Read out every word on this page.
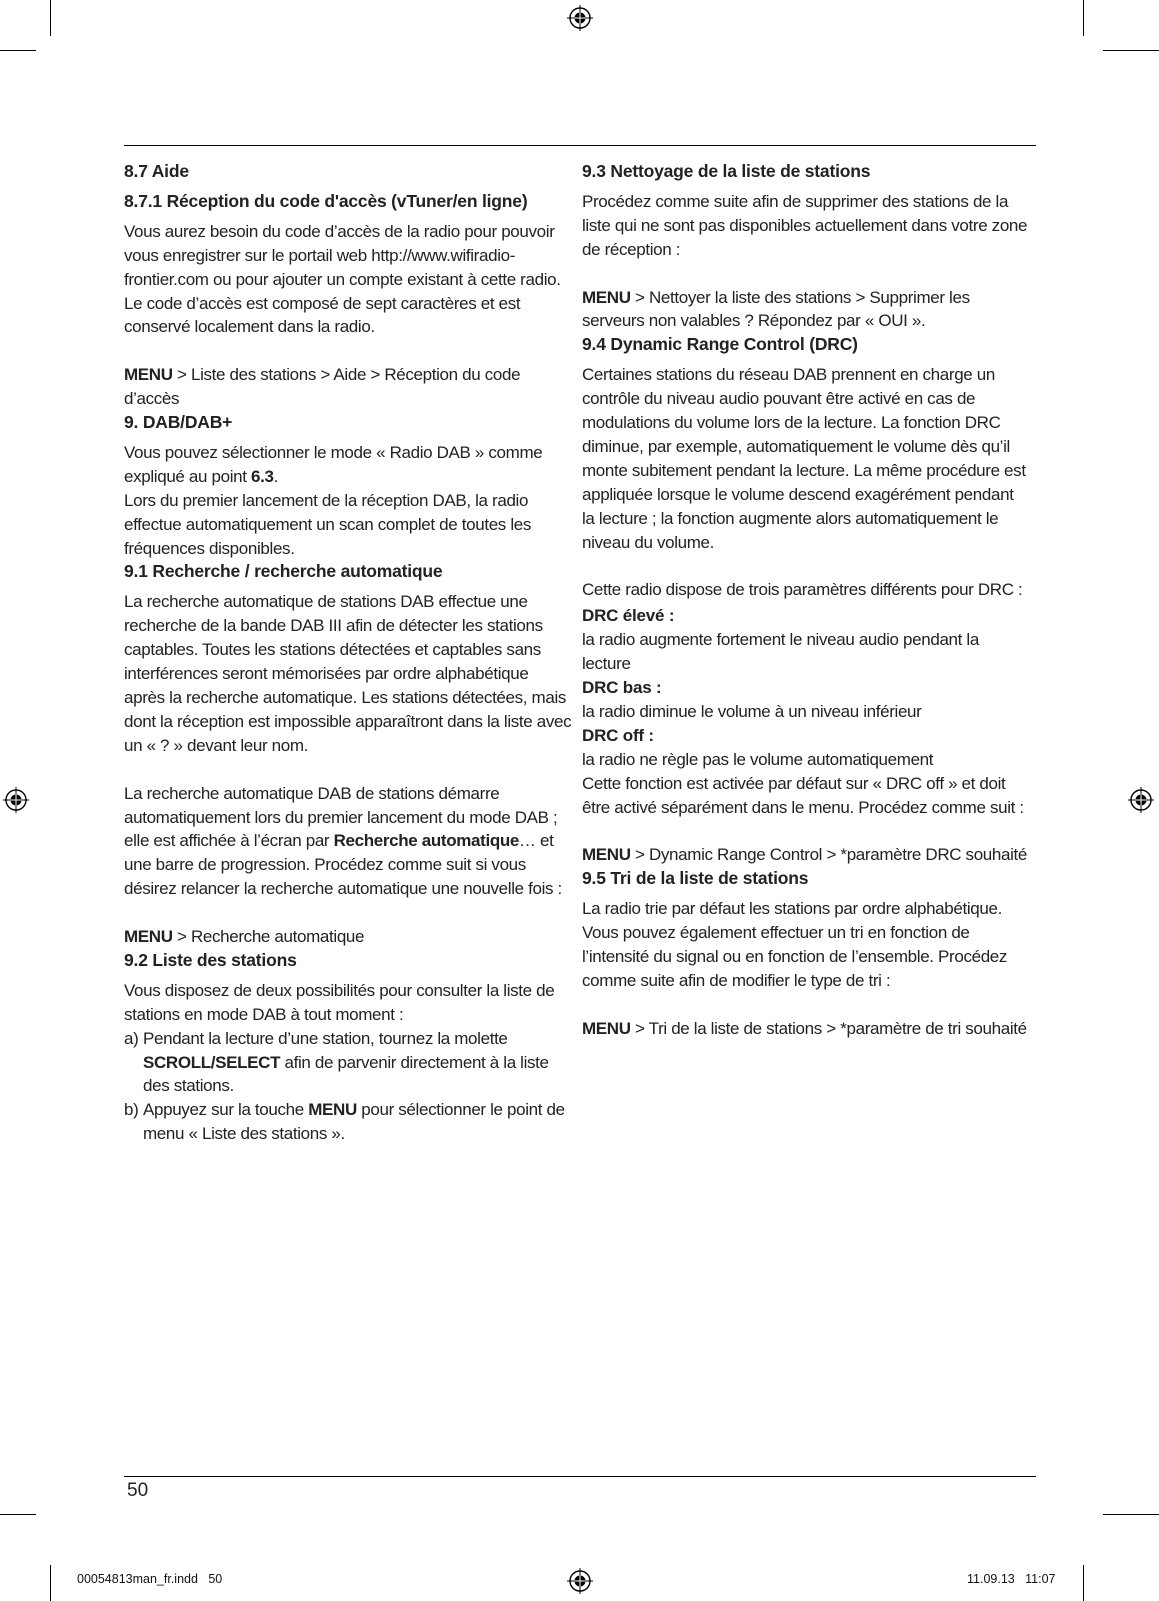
8.7 Aide
8.7.1 Réception du code d'accès (vTuner/en ligne)

Vous aurez besoin du code d’accès de la radio pour pouvoir vous enregistrer sur le portail web http://www.wifiradio-frontier.com ou pour ajouter un compte existant à cette radio.

Le code d’accès est composé de sept caractères et est conservé localement dans la radio.

MENU > Liste des stations > Aide > Réception du code d’accès

9. DAB/DAB+

Vous pouvez sélectionner le mode « Radio DAB » comme expliqué au point 6.3.

Lors du premier lancement de la réception DAB, la radio effectue automatiquement un scan complet de toutes les fréquences disponibles.

9.1 Recherche / recherche automatique

La recherche automatique de stations DAB effectue une recherche de la bande DAB III afin de détecter les stations captables. Toutes les stations détectées et captables sans interférences seront mémorisées par ordre alphabétique après la recherche automatique. Les stations détectées, mais dont la réception est impossible apparaîtront dans la liste avec un « ? » devant leur nom.

La recherche automatique DAB de stations démarre automatiquement lors du premier lancement du mode DAB ; elle est affichée à l’écran par Recherche automatique… et une barre de progression. Procédez comme suit si vous désirez relancer la recherche automatique une nouvelle fois :

MENU > Recherche automatique

9.2 Liste des stations

Vous disposez de deux possibilités pour consulter la liste de stations en mode DAB à tout moment :

a) Pendant la lecture d’une station, tournez la molette SCROLL/SELECT afin de parvenir directement à la liste des stations.
b) Appuyez sur la touche MENU pour sélectionner le point de menu « Liste des stations ».
9.3 Nettoyage de la liste de stations

Procédez comme suite afin de supprimer des stations de la liste qui ne sont pas disponibles actuellement dans votre zone de réception :

MENU > Nettoyer la liste des stations > Supprimer les serveurs non valables ? Répondez par « OUI ».

9.4 Dynamic Range Control (DRC)

Certaines stations du réseau DAB prennent en charge un contrôle du niveau audio pouvant être activé en cas de modulations du volume lors de la lecture. La fonction DRC diminue, par exemple, automatiquement le volume dès qu’il monte subitement pendant la lecture. La même procédure est appliquée lorsque le volume descend exagérément pendant la lecture ; la fonction augmente alors automatiquement le niveau du volume.

Cette radio dispose de trois paramètres différents pour DRC :

DRC élevé :

la radio augmente fortement le niveau audio pendant la lecture

DRC bas :

la radio diminue le volume à un niveau inférieur

DRC off :

la radio ne règle pas le volume automatiquement

Cette fonction est activée par défaut sur « DRC off » et doit être activé séparément dans le menu. Procédez comme suit :

MENU > Dynamic Range Control > *paramètre DRC souhaité

9.5 Tri de la liste de stations

La radio trie par défaut les stations par ordre alphabétique. Vous pouvez également effectuer un tri en fonction de l’intensité du signal ou en fonction de l’ensemble. Procédez comme suite afin de modifier le type de tri :

MENU > Tri de la liste de stations > *paramètre de tri souhaité

50
00054813man_fr.indd   50	11.09.13   11:07
